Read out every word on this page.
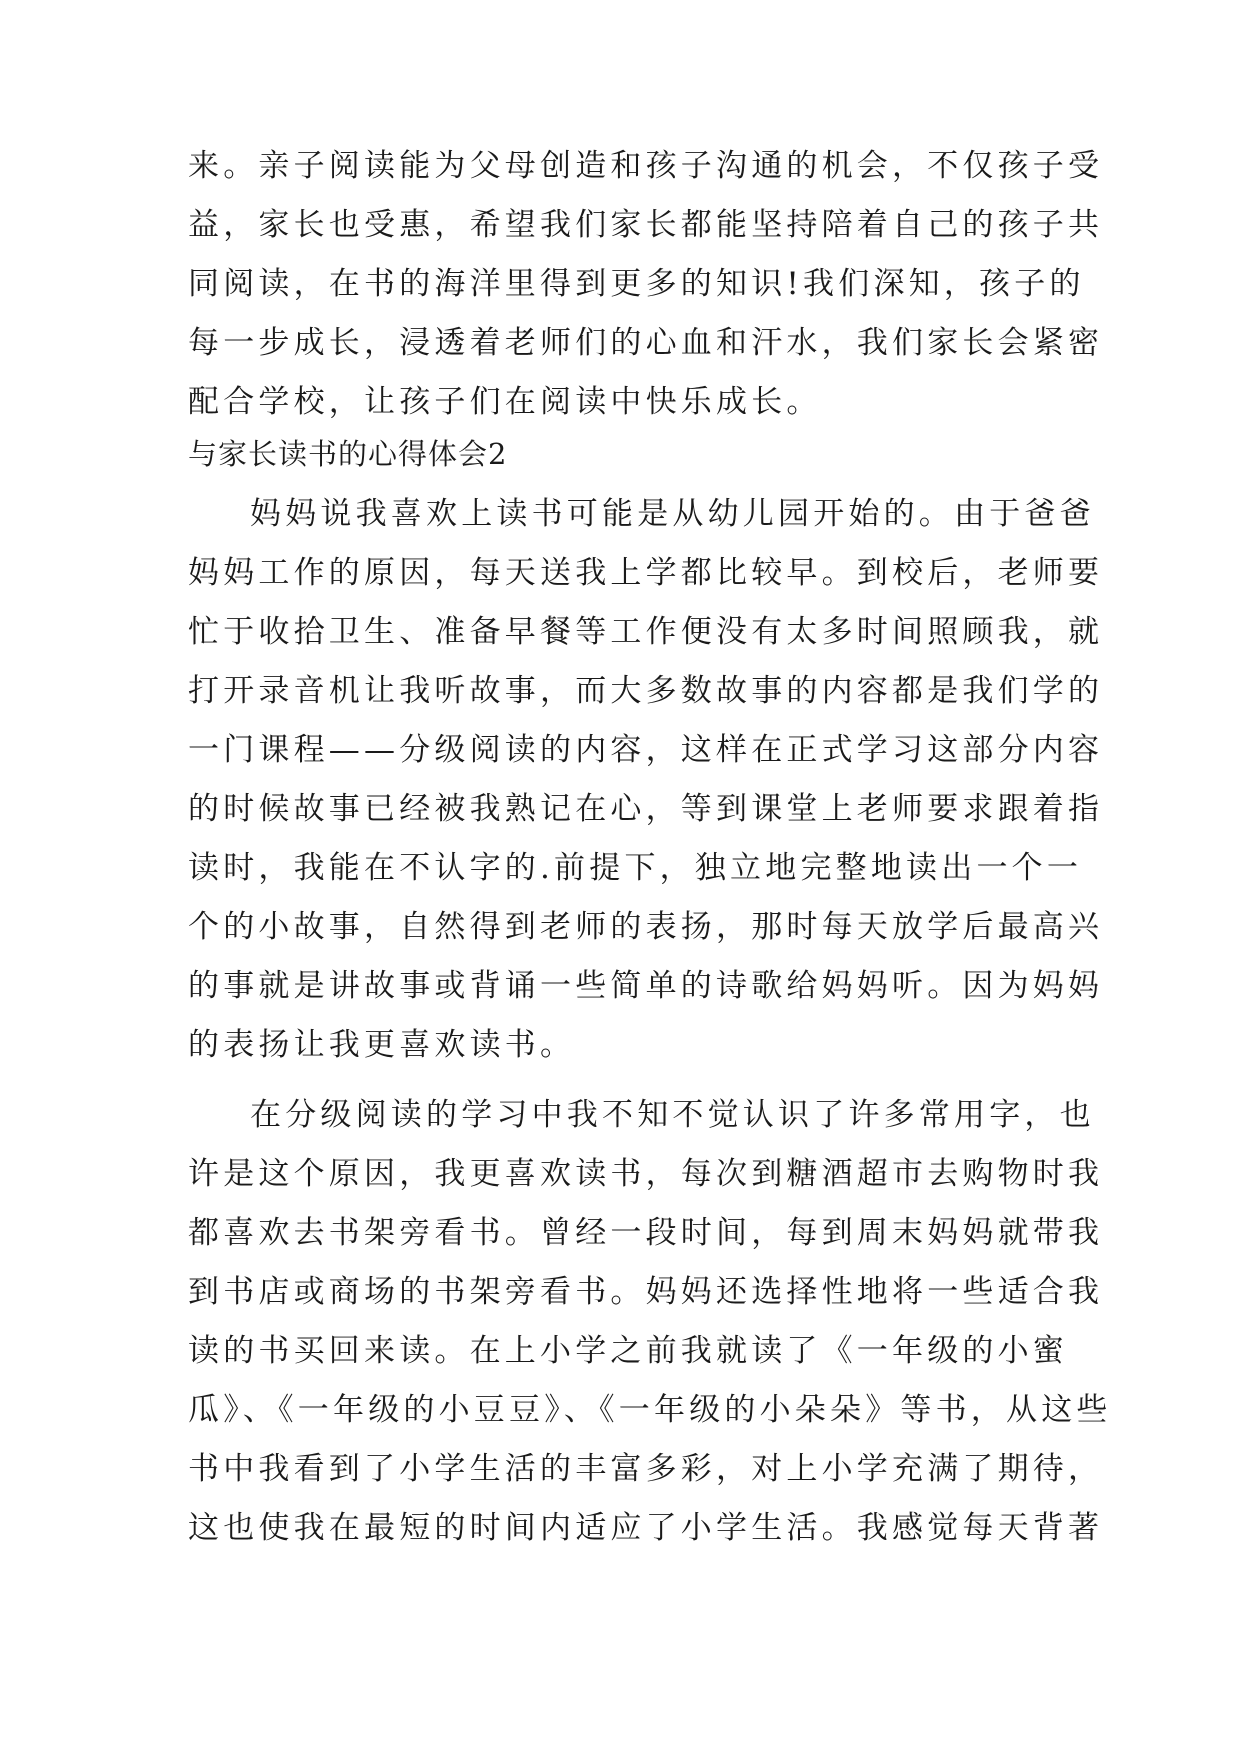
来。亲子阅读能为父母创造和孩子沟通的机会，不仅孩子受
益，家长也受惠，希望我们家长都能坚持陪着自己的孩子共
同阅读，在书的海洋里得到更多的知识!我们深知，孩子的
每一步成长，浸透着老师们的心血和汗水，我们家长会紧密
配合学校，让孩子们在阅读中快乐成长。
与家长读书的心得体会2
妈妈说我喜欢上读书可能是从幼儿园开始的。由于爸爸
妈妈工作的原因，每天送我上学都比较早。到校后，老师要
忙于收拾卫生、准备早餐等工作便没有太多时间照顾我，就
打开录音机让我听故事，而大多数故事的内容都是我们学的
一门课程——分级阅读的内容，这样在正式学习这部分内容
的时候故事已经被我熟记在心，等到课堂上老师要求跟着指
读时，我能在不认字的.前提下，独立地完整地读出一个一
个的小故事，自然得到老师的表扬，那时每天放学后最高兴
的事就是讲故事或背诵一些简单的诗歌给妈妈听。因为妈妈
的表扬让我更喜欢读书。
在分级阅读的学习中我不知不觉认识了许多常用字，也
许是这个原因，我更喜欢读书，每次到糖酒超市去购物时我
都喜欢去书架旁看书。曾经一段时间，每到周末妈妈就带我
到书店或商场的书架旁看书。妈妈还选择性地将一些适合我
读的书买回来读。在上小学之前我就读了《一年级的小蜜
瓜》、《一年级的小豆豆》、《一年级的小朵朵》等书，从这些
书中我看到了小学生活的丰富多彩，对上小学充满了期待，
这也使我在最短的时间内适应了小学生活。我感觉每天背著
